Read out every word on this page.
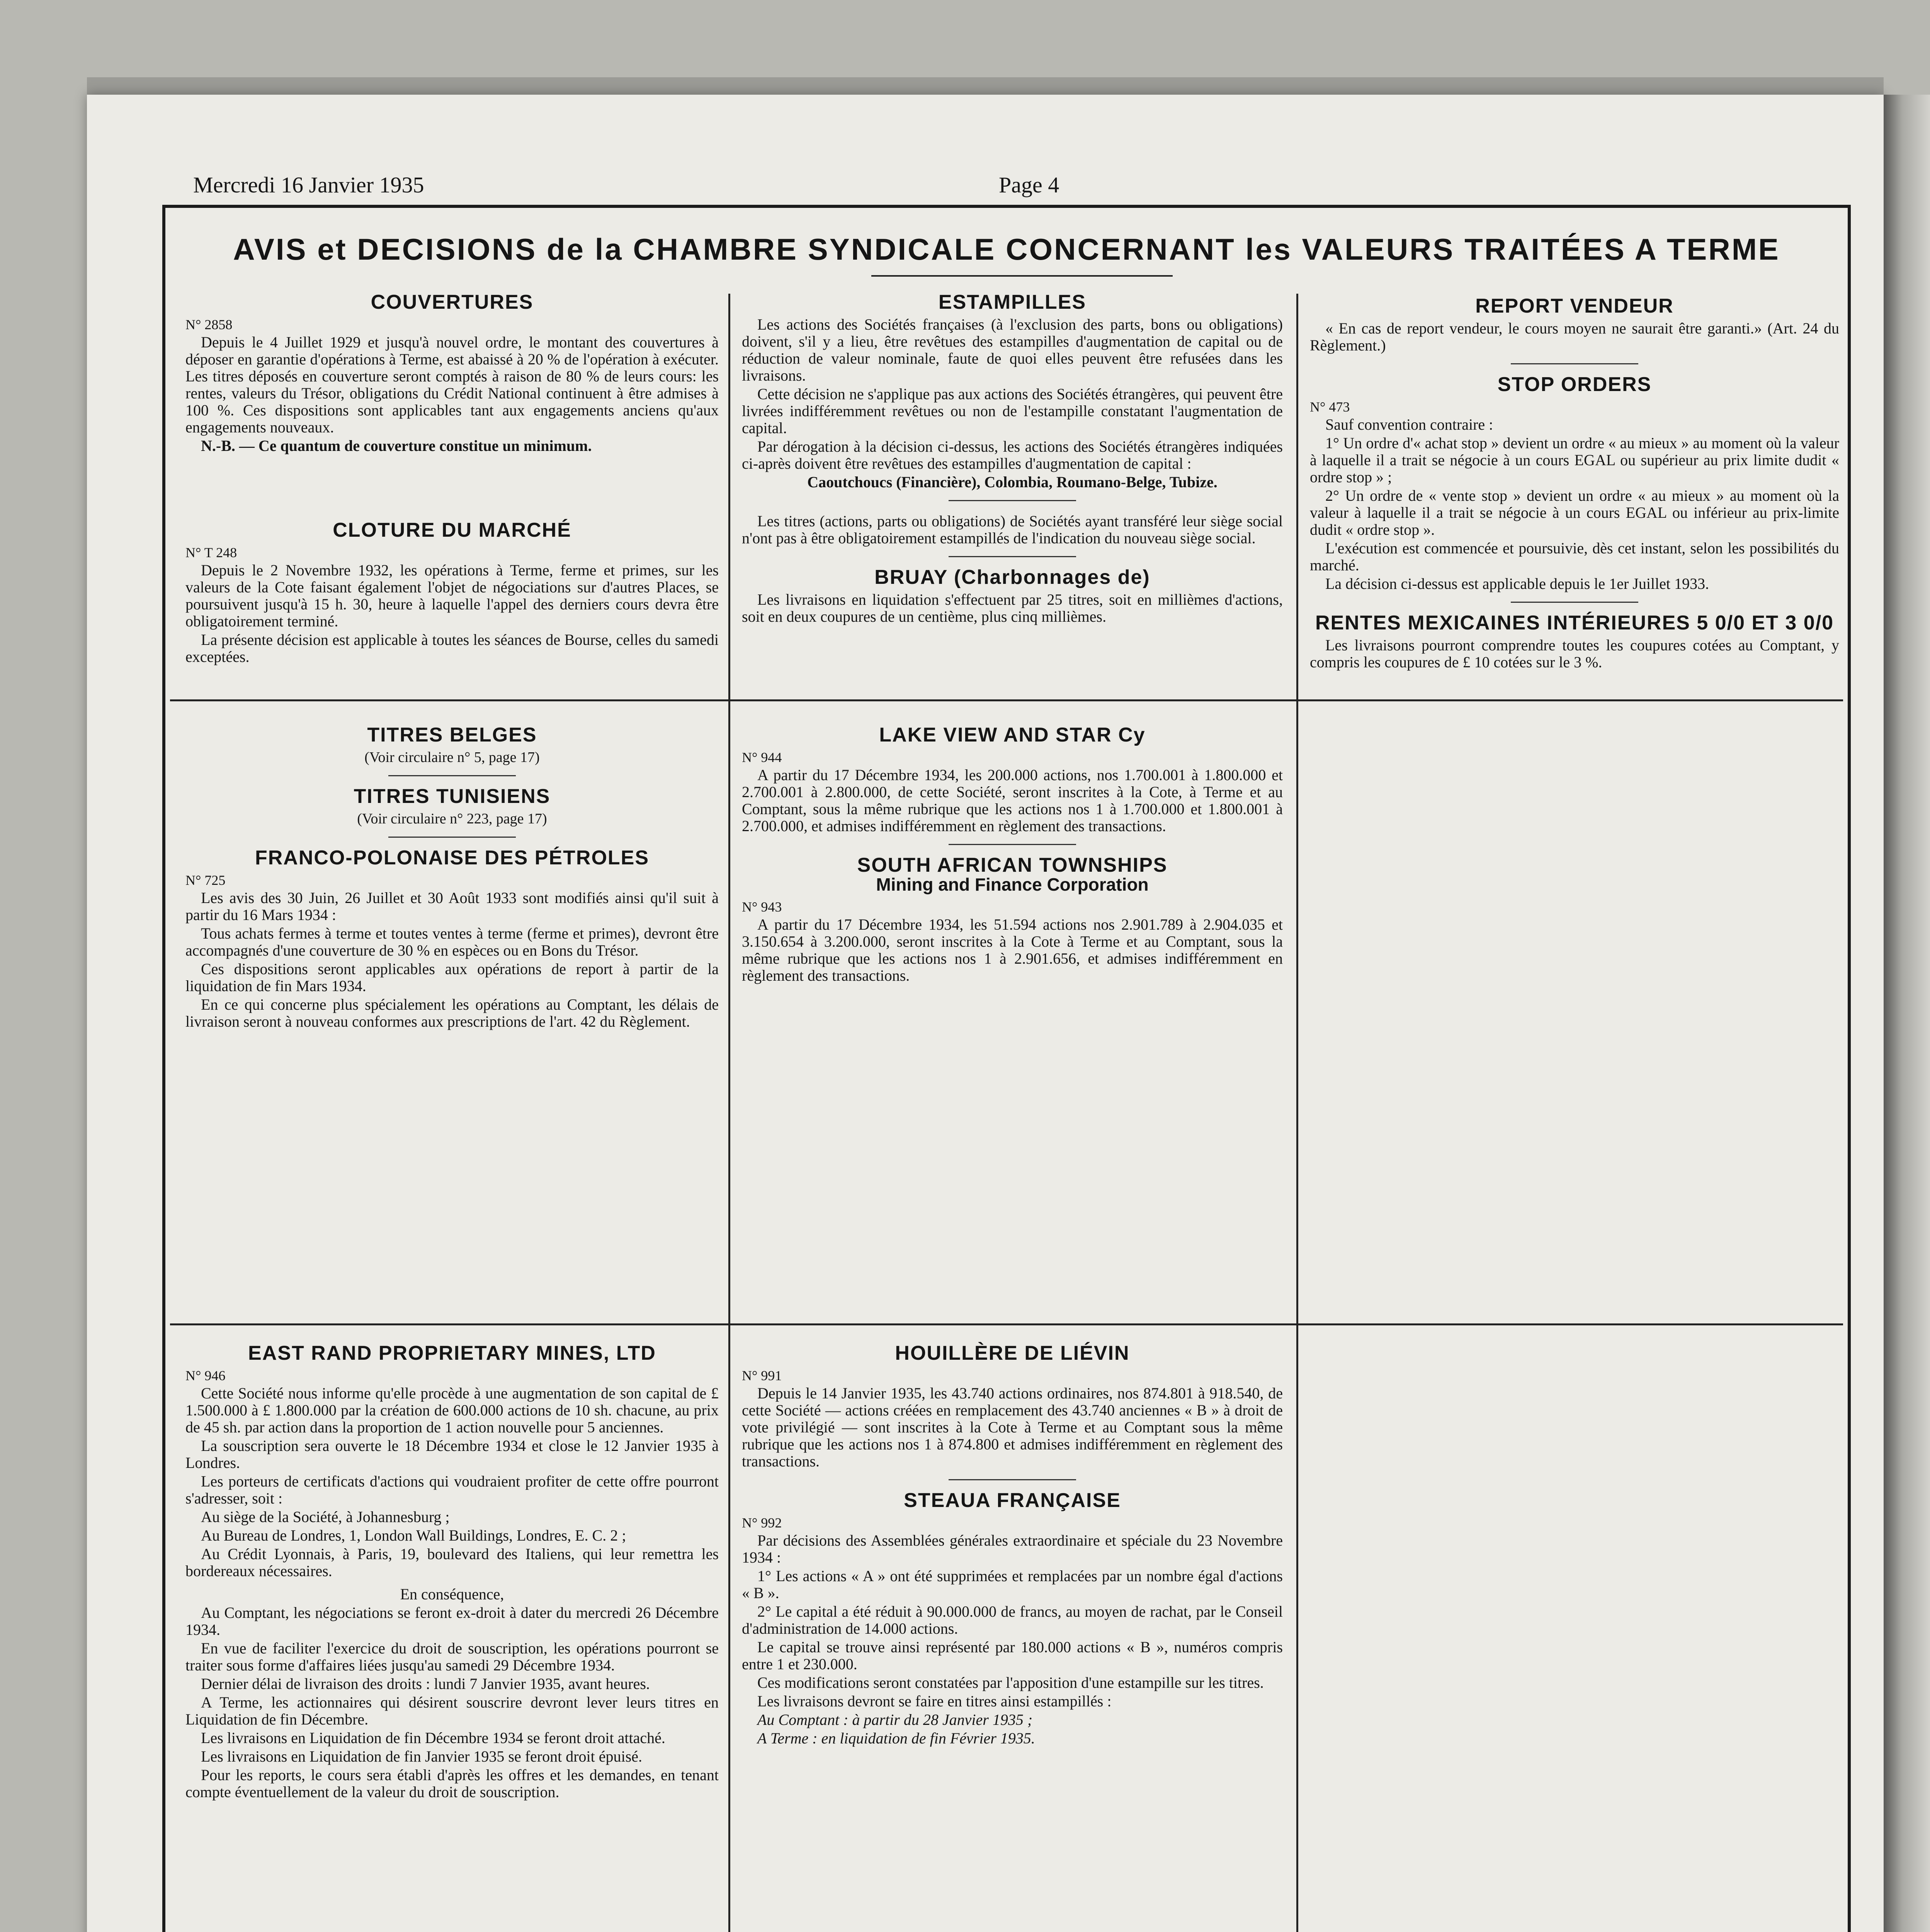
Mercredi 16 Janvier 1935	Page 4
AVIS et DECISIONS de la CHAMBRE SYNDICALE CONCERNANT les VALEURS TRAITÉES A TERME
COUVERTURES
N° 2858

Depuis le 4 Juillet 1929 et jusqu'à nouvel ordre, le montant des couvertures à déposer en garantie d'opérations à Terme, est abaissé à 20 % de l'opération à exécuter. Les titres déposés en couverture seront comptés à raison de 80 % de leurs cours: les rentes, valeurs du Trésor, obligations du Crédit National continuent à être admises à 100 %. Ces dispositions sont applicables tant aux engagements anciens qu'aux engagements nouveaux.

N.-B. — Ce quantum de couverture constitue un minimum.

CLOTURE DU MARCHÉ
N° T 248

Depuis le 2 Novembre 1932, les opérations à Terme, ferme et primes, sur les valeurs de la Cote faisant également l'objet de négociations sur d'autres Places, se poursuivent jusqu'à 15 h. 30, heure à laquelle l'appel des derniers cours devra être obligatoirement terminé.

La présente décision est applicable à toutes les séances de Bourse, celles du samedi exceptées.

ESTAMPILLES

Les actions des Sociétés françaises (à l'exclusion des parts, bons ou obligations) doivent, s'il y a lieu, être revêtues des estampilles d'augmentation de capital ou de réduction de valeur nominale, faute de quoi elles peuvent être refusées dans les livraisons.

Cette décision ne s'applique pas aux actions des Sociétés étrangères, qui peuvent être livrées indifféremment revêtues ou non de l'estampille constatant l'augmentation de capital.

Par dérogation à la décision ci-dessus, les actions des Sociétés étrangères indiquées ci-après doivent être revêtues des estampilles d'augmentation de capital :

Caoutchoucs (Financière), Colombia, Roumano-Belge, Tubize.

Les titres (actions, parts ou obligations) de Sociétés ayant transféré leur siège social n'ont pas à être obligatoirement estampillés de l'indication du nouveau siège social.

BRUAY (Charbonnages de)

Les livraisons en liquidation s'effectuent par 25 titres, soit en millièmes d'actions, soit en deux coupures de un centième, plus cinq millièmes.

REPORT VENDEUR

« En cas de report vendeur, le cours moyen ne saurait être garanti.» (Art. 24 du Règlement.)

STOP ORDERS
N° 473

Sauf convention contraire :

1° Un ordre d'« achat stop » devient un ordre « au mieux » au moment où la valeur à laquelle il a trait se négocie à un cours EGAL ou supérieur au prix limite dudit « ordre stop » ;

2° Un ordre de « vente stop » devient un ordre « au mieux » au moment où la valeur à laquelle il a trait se négocie à un cours EGAL ou inférieur au prix-limite dudit « ordre stop ».

L'exécution est commencée et poursuivie, dès cet instant, selon les possibilités du marché.

La décision ci-dessus est applicable depuis le 1er Juillet 1933.

RENTES MEXICAINES INTÉRIEURES 5 0/0 ET 3 0/0

Les livraisons pourront comprendre toutes les coupures cotées au Comptant, y compris les coupures de £ 10 cotées sur le 3 %.

TITRES BELGES
(Voir circulaire n° 5, page 17)
TITRES TUNISIENS
(Voir circulaire n° 223, page 17)
FRANCO-POLONAISE DES PÉTROLES
N° 725

Les avis des 30 Juin, 26 Juillet et 30 Août 1933 sont modifiés ainsi qu'il suit à partir du 16 Mars 1934 :

Tous achats fermes à terme et toutes ventes à terme (ferme et primes), devront être accompagnés d'une couverture de 30 % en espèces ou en Bons du Trésor.

Ces dispositions seront applicables aux opérations de report à partir de la liquidation de fin Mars 1934.

En ce qui concerne plus spécialement les opérations au Comptant, les délais de livraison seront à nouveau conformes aux prescriptions de l'art. 42 du Règlement.

LAKE VIEW AND STAR Cy
N° 944

A partir du 17 Décembre 1934, les 200.000 actions, nos 1.700.001 à 1.800.000 et 2.700.001 à 2.800.000, de cette Société, seront inscrites à la Cote, à Terme et au Comptant, sous la même rubrique que les actions nos 1 à 1.700.000 et 1.800.001 à 2.700.000, et admises indifféremment en règlement des transactions.

SOUTH AFRICAN TOWNSHIPS
Mining and Finance Corporation
N° 943

A partir du 17 Décembre 1934, les 51.594 actions nos 2.901.789 à 2.904.035 et 3.150.654 à 3.200.000, seront inscrites à la Cote à Terme et au Comptant, sous la même rubrique que les actions nos 1 à 2.901.656, et admises indifféremment en règlement des transactions.

EAST RAND PROPRIETARY MINES, LTD
N° 946

Cette Société nous informe qu'elle procède à une augmentation de son capital de £ 1.500.000 à £ 1.800.000 par la création de 600.000 actions de 10 sh. chacune, au prix de 45 sh. par action dans la proportion de 1 action nouvelle pour 5 anciennes.

La souscription sera ouverte le 18 Décembre 1934 et close le 12 Janvier 1935 à Londres.

Les porteurs de certificats d'actions qui voudraient profiter de cette offre pourront s'adresser, soit :

Au siège de la Société, à Johannesburg ;

Au Bureau de Londres, 1, London Wall Buildings, Londres, E. C. 2 ;

Au Crédit Lyonnais, à Paris, 19, boulevard des Italiens, qui leur remettra les bordereaux nécessaires.

En conséquence,

Au Comptant, les négociations se feront ex-droit à dater du mercredi 26 Décembre 1934.

En vue de faciliter l'exercice du droit de souscription, les opérations pourront se traiter sous forme d'affaires liées jusqu'au samedi 29 Décembre 1934.

Dernier délai de livraison des droits : lundi 7 Janvier 1935, avant heures.

A Terme, les actionnaires qui désirent souscrire devront lever leurs titres en Liquidation de fin Décembre.

Les livraisons en Liquidation de fin Décembre 1934 se feront droit attaché.

Les livraisons en Liquidation de fin Janvier 1935 se feront droit épuisé.

Pour les reports, le cours sera établi d'après les offres et les demandes, en tenant compte éventuellement de la valeur du droit de souscription.

HOUILLÈRE DE LIÉVIN
N° 991

Depuis le 14 Janvier 1935, les 43.740 actions ordinaires, nos 874.801 à 918.540, de cette Société — actions créées en remplacement des 43.740 anciennes « B » à droit de vote privilégié — sont inscrites à la Cote à Terme et au Comptant sous la même rubrique que les actions nos 1 à 874.800 et admises indifféremment en règlement des transactions.

STEAUA FRANÇAISE
N° 992

Par décisions des Assemblées générales extraordinaire et spéciale du 23 Novembre 1934 :

1° Les actions « A » ont été supprimées et remplacées par un nombre égal d'actions « B ».

2° Le capital a été réduit à 90.000.000 de francs, au moyen de rachat, par le Conseil d'administration de 14.000 actions.

Le capital se trouve ainsi représenté par 180.000 actions « B », numéros compris entre 1 et 230.000.

Ces modifications seront constatées par l'apposition d'une estampille sur les titres.

Les livraisons devront se faire en titres ainsi estampillés :

Au Comptant : à partir du 28 Janvier 1935 ;

A Terme : en liquidation de fin Février 1935.
